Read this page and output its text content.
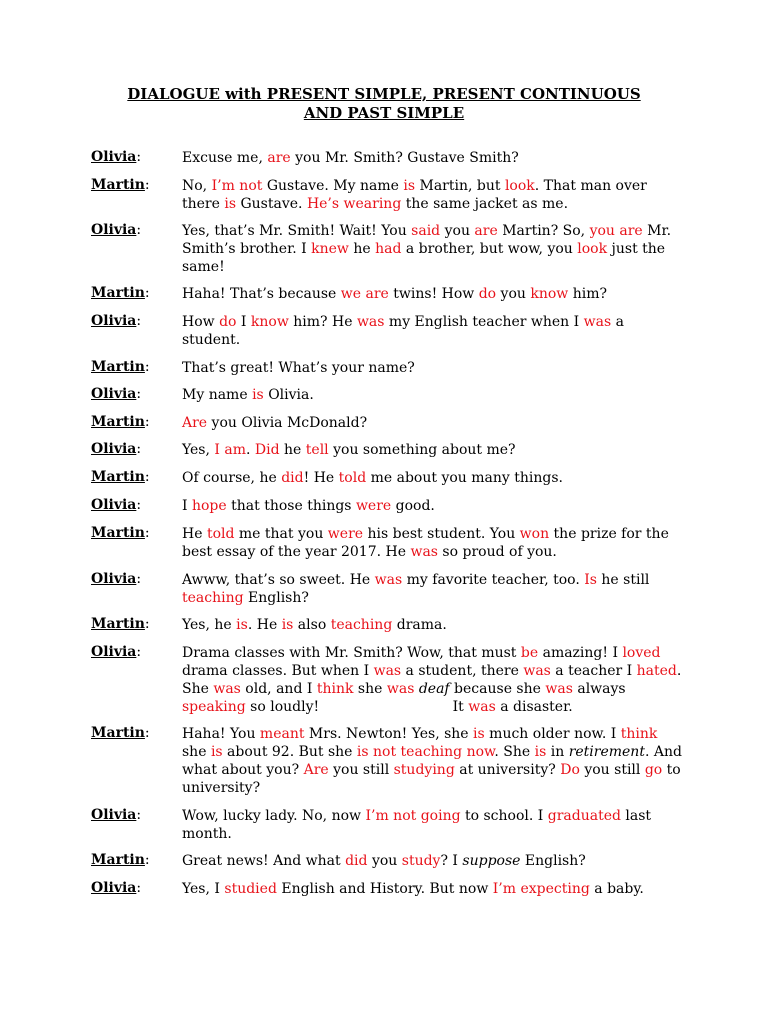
DIALOGUE with PRESENT SIMPLE, PRESENT CONTINUOUS
AND PAST SIMPLE
Olivia:	Excuse me, are you Mr. Smith? Gustave Smith?
Martin: No, I’m not Gustave. My name is Martin, but look. That man over there is Gustave. He’s wearing the same jacket as me.
Olivia:	Yes, that’s Mr. Smith! Wait! You said you are Martin? So, you are Mr. Smith’s brother. I knew he had a brother, but wow, you look just the same!
Martin: Haha! That’s because we are twins! How do you know him?
Olivia:	How do I know him? He was my English teacher when I was a student.
Martin: That’s great! What’s your name?
Olivia:	My name is Olivia.
Martin: Are you Olivia McDonald?
Olivia:	Yes, I am. Did he tell you something about me?
Martin: Of course, he did! He told me about you many things.
Olivia:	I hope that those things were good.
Martin: He told me that you were his best student. You won the prize for the best essay of the year 2017. He was so proud of you.
Olivia:	Awww, that’s so sweet. He was my favorite teacher, too. Is he still teaching English?
Martin: Yes, he is. He is also teaching drama.
Olivia:	Drama classes with Mr. Smith? Wow, that must be amazing! I loved drama classes. But when I was a student, there was a teacher I hated. She was old, and I think she was deaf because she was always speaking so loudly!                              It was a disaster.
Martin: Haha! You meant Mrs. Newton! Yes, she is much older now. I think she is about 92. But she is not teaching now. She is in retirement. And what about you? Are you still studying at university? Do you still go to university?
Olivia:	Wow, lucky lady. No, now I’m not going to school. I graduated last month.
Martin: Great news! And what did you study? I suppose English?
Olivia:	Yes, I studied English and History. But now I’m expecting a baby.
